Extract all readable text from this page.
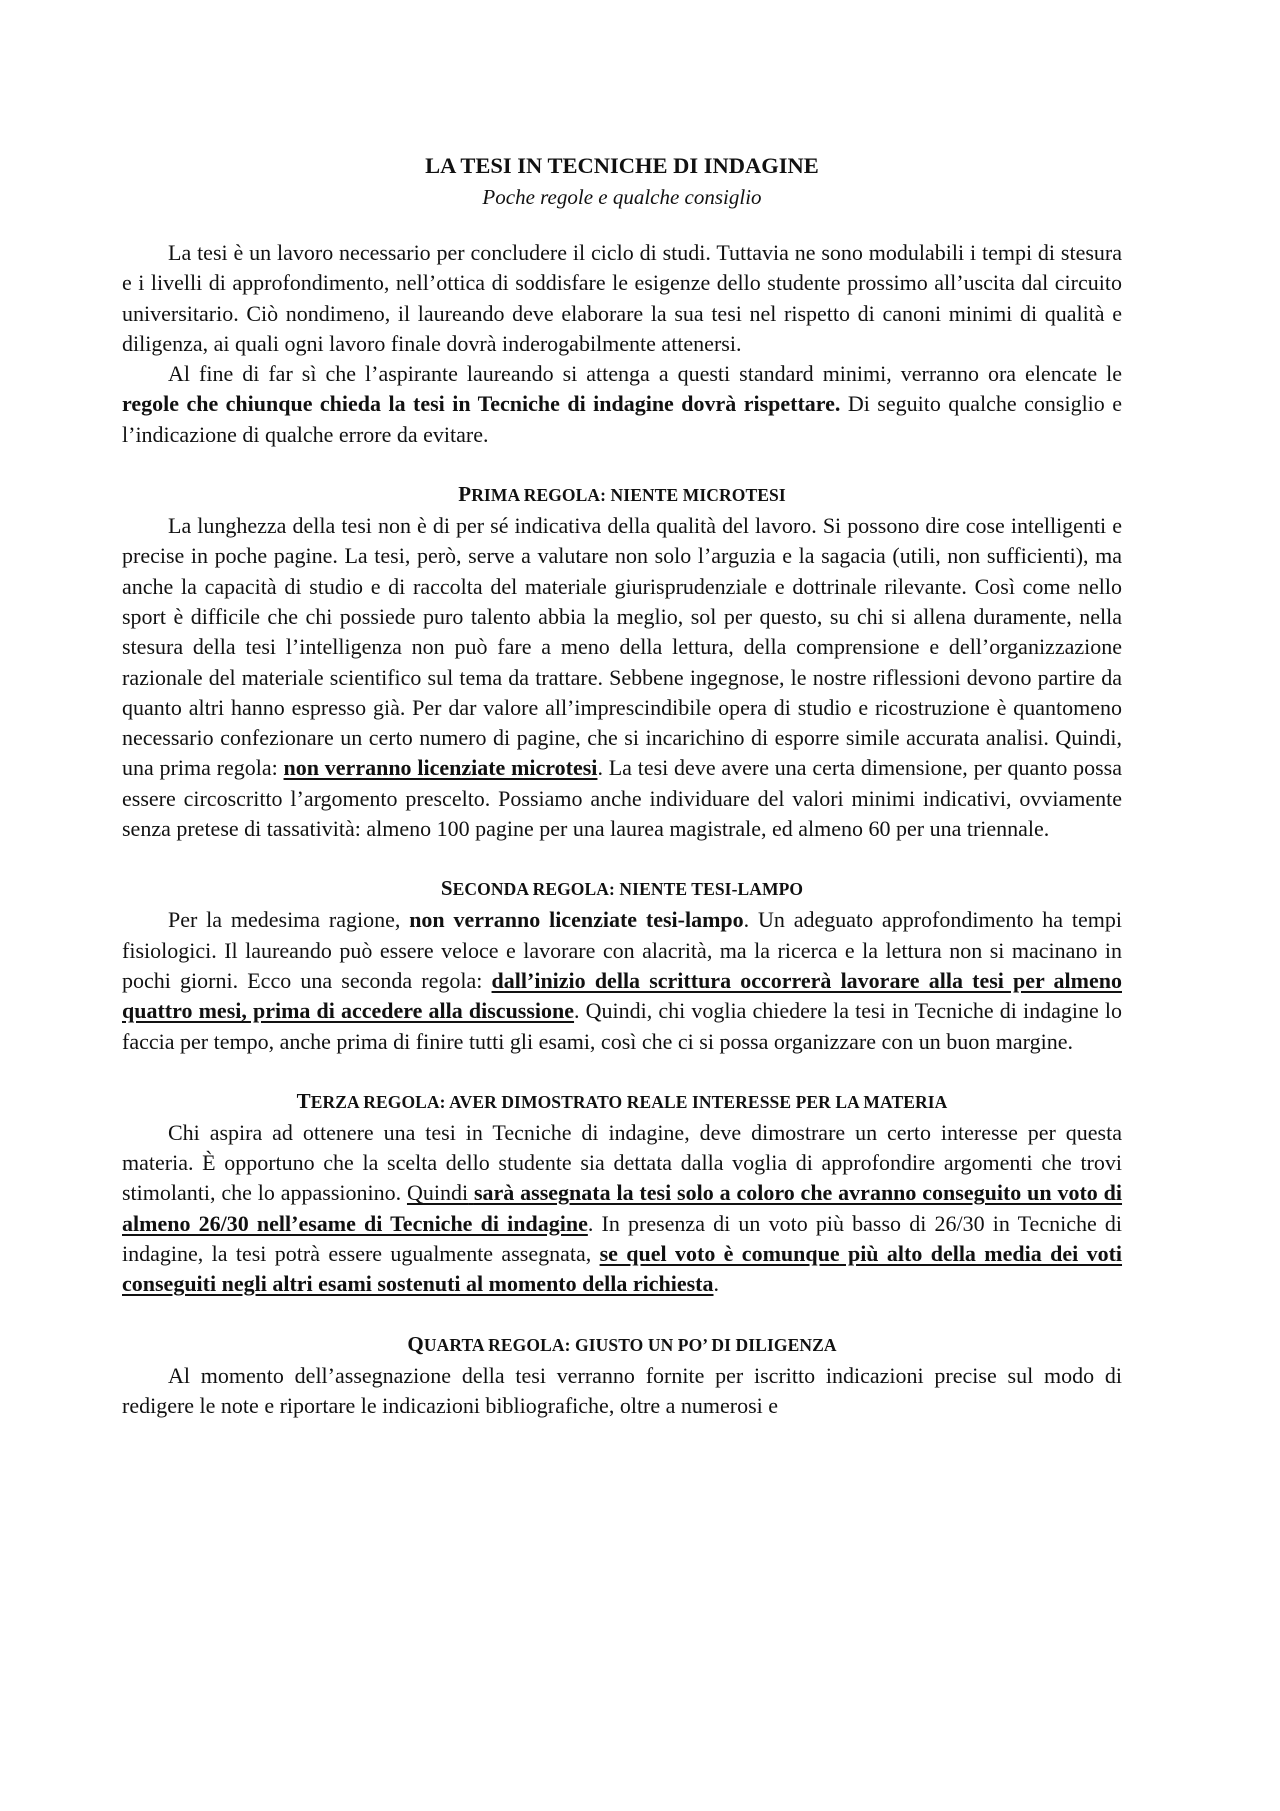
LA TESI IN TECNICHE DI INDAGINE

Poche regole e qualche consiglio

La tesi è un lavoro necessario per concludere il ciclo di studi. Tuttavia ne sono modulabili i tempi di stesura e i livelli di approfondimento, nell’ottica di soddisfare le esigenze dello studente prossimo all’uscita dal circuito universitario. Ciò nondimeno, il laureando deve elaborare la sua tesi nel rispetto di canoni minimi di qualità e diligenza, ai quali ogni lavoro finale dovrà inderogabilmente attenersi.

Al fine di far sì che l’aspirante laureando si attenga a questi standard minimi, verranno ora elencate le regole che chiunque chieda la tesi in Tecniche di indagine dovrà rispettare. Di seguito qualche consiglio e l’indicazione di qualche errore da evitare.

PRIMA REGOLA: NIENTE MICROTESI

La lunghezza della tesi non è di per sé indicativa della qualità del lavoro. Si possono dire cose intelligenti e precise in poche pagine. La tesi, però, serve a valutare non solo l’arguzia e la sagacia (utili, non sufficienti), ma anche la capacità di studio e di raccolta del materiale giurisprudenziale e dottrinale rilevante. Così come nello sport è difficile che chi possiede puro talento abbia la meglio, sol per questo, su chi si allena duramente, nella stesura della tesi l’intelligenza non può fare a meno della lettura, della comprensione e dell’organizzazione razionale del materiale scientifico sul tema da trattare. Sebbene ingegnose, le nostre riflessioni devono partire da quanto altri hanno espresso già. Per dar valore all’imprescindibile opera di studio e ricostruzione è quantomeno necessario confezionare un certo numero di pagine, che si incarichino di esporre simile accurata analisi. Quindi, una prima regola: non verranno licenziate microtesi. La tesi deve avere una certa dimensione, per quanto possa essere circoscritto l’argomento prescelto. Possiamo anche individuare del valori minimi indicativi, ovviamente senza pretese di tassatività: almeno 100 pagine per una laurea magistrale, ed almeno 60 per una triennale.

SECONDA REGOLA: NIENTE TESI-LAMPO

Per la medesima ragione, non verranno licenziate tesi-lampo. Un adeguato approfondimento ha tempi fisiologici. Il laureando può essere veloce e lavorare con alacrità, ma la ricerca e la lettura non si macinano in pochi giorni. Ecco una seconda regola: dall’inizio della scrittura occorrerà lavorare alla tesi per almeno quattro mesi, prima di accedere alla discussione. Quindi, chi voglia chiedere la tesi in Tecniche di indagine lo faccia per tempo, anche prima di finire tutti gli esami, così che ci si possa organizzare con un buon margine.

TERZA REGOLA: AVER DIMOSTRATO REALE INTERESSE PER LA MATERIA

Chi aspira ad ottenere una tesi in Tecniche di indagine, deve dimostrare un certo interesse per questa materia. È opportuno che la scelta dello studente sia dettata dalla voglia di approfondire argomenti che trovi stimolanti, che lo appassionino. Quindi sarà assegnata la tesi solo a coloro che avranno conseguito un voto di almeno 26/30 nell’esame di Tecniche di indagine. In presenza di un voto più basso di 26/30 in Tecniche di indagine, la tesi potrà essere ugualmente assegnata, se quel voto è comunque più alto della media dei voti conseguiti negli altri esami sostenuti al momento della richiesta.

QUARTA REGOLA: GIUSTO UN PO’ DI DILIGENZA

Al momento dell’assegnazione della tesi verranno fornite per iscritto indicazioni precise sul modo di redigere le note e riportare le indicazioni bibliografiche, oltre a numerosi e
